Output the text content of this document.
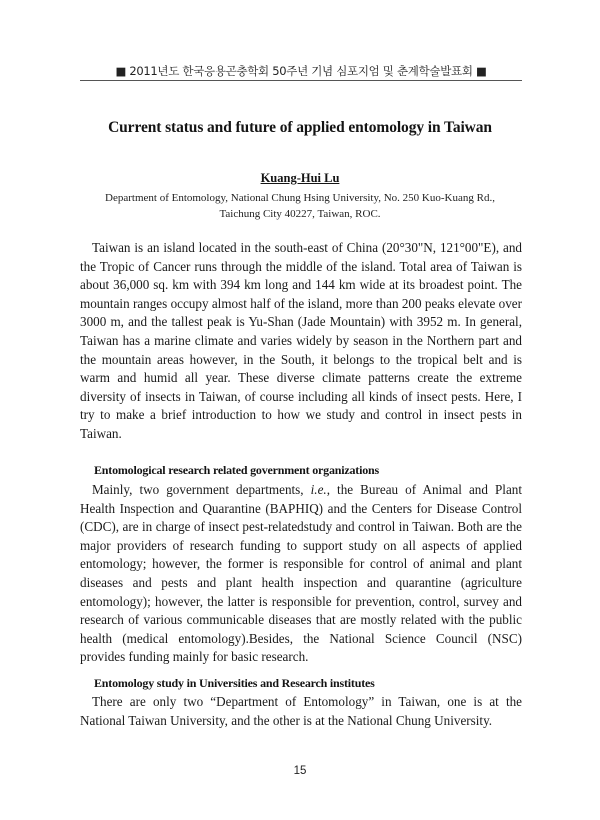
■ 2011년도 한국응용곤충학회 50주년 기념 심포지엄 및 춘계학술발표회 ■
Current status and future of applied entomology in Taiwan
Kuang-Hui Lu
Department of Entomology, National Chung Hsing University, No. 250 Kuo-Kuang Rd.,
Taichung City 40227, Taiwan, ROC.

Taiwan is an island located in the south-east of China (20°30"N, 121°00"E), and the Tropic of Cancer runs through the middle of the island. Total area of Taiwan is about 36,000 sq. km with 394 km long and 144 km wide at its broadest point. The mountain ranges occupy almost half of the island, more than 200 peaks elevate over 3000 m, and the tallest peak is Yu-Shan (Jade Mountain) with 3952 m. In general, Taiwan has a marine climate and varies widely by season in the Northern part and the mountain areas however, in the South, it belongs to the tropical belt and is warm and humid all year. These diverse climate patterns create the extreme diversity of insects in Taiwan, of course including all kinds of insect pests. Here, I try to make a brief introduction to how we study and control in insect pests in Taiwan.

Entomological research related government organizations

Mainly, two government departments, i.e., the Bureau of Animal and Plant Health Inspection and Quarantine (BAPHIQ) and the Centers for Disease Control (CDC), are in charge of insect pest-relatedstudy and control in Taiwan. Both are the major providers of research funding to support study on all aspects of applied entomology; however, the former is responsible for control of animal and plant diseases and pests and plant health inspection and quarantine (agriculture entomology); however, the latter is responsible for prevention, control, survey and research of various communicable diseases that are mostly related with the public health (medical entomology).Besides, the National Science Council (NSC) provides funding mainly for basic research.

Entomology study in Universities and Research institutes

There are only two “Department of Entomology” in Taiwan, one is at the National Taiwan University, and the other is at the National Chung University.

15
